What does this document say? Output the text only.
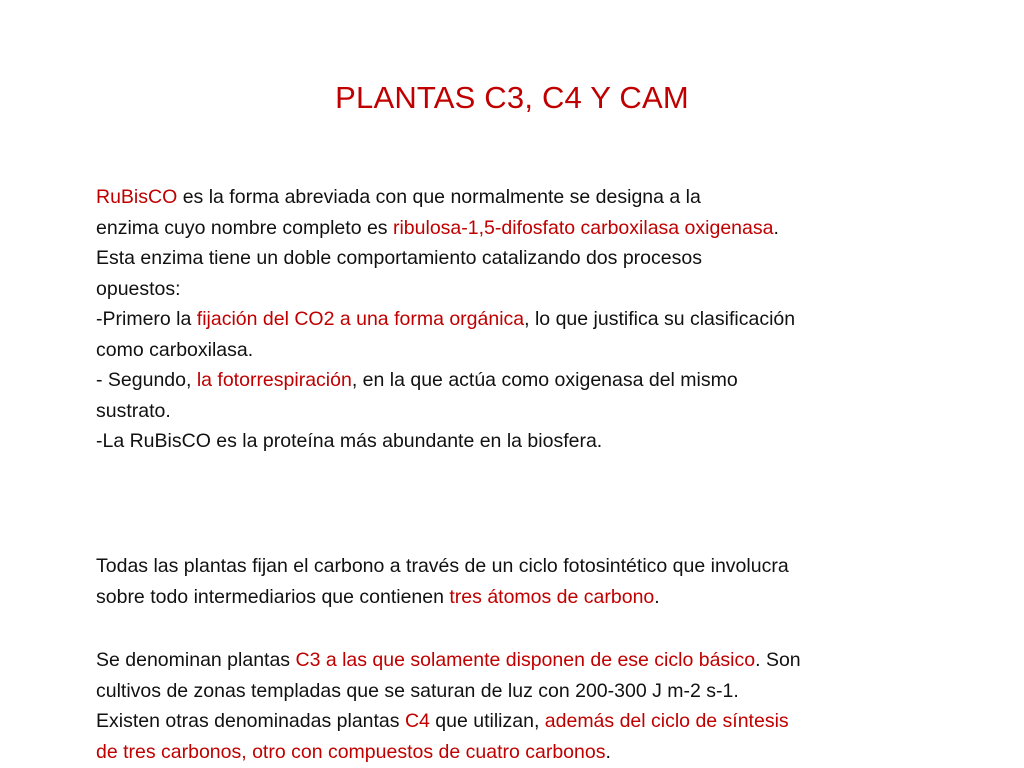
PLANTAS C3, C4 Y CAM
RuBisCO es la forma abreviada con que normalmente se designa a la
enzima cuyo nombre completo es ribulosa-1,5-difosfato carboxilasa oxigenasa.
Esta enzima tiene un doble comportamiento catalizando dos procesos
opuestos:
-Primero la fijación del CO2 a una forma orgánica, lo que justifica su clasificación
como carboxilasa.
- Segundo, la fotorrespiración, en la que actúa como oxigenasa del mismo
sustrato.
-La RuBisCO es la proteína más abundante en la biosfera.
Todas las plantas fijan el carbono a través de un ciclo fotosintético que involucra
sobre todo intermediarios que contienen tres átomos de carbono.
Se denominan plantas C3 a las que solamente disponen de ese ciclo básico. Son
cultivos de zonas templadas que se saturan de luz con 200-300 J m-2 s-1.
Existen otras denominadas plantas C4 que utilizan, además del ciclo de síntesis
de tres carbonos, otro con compuestos de cuatro carbonos.
